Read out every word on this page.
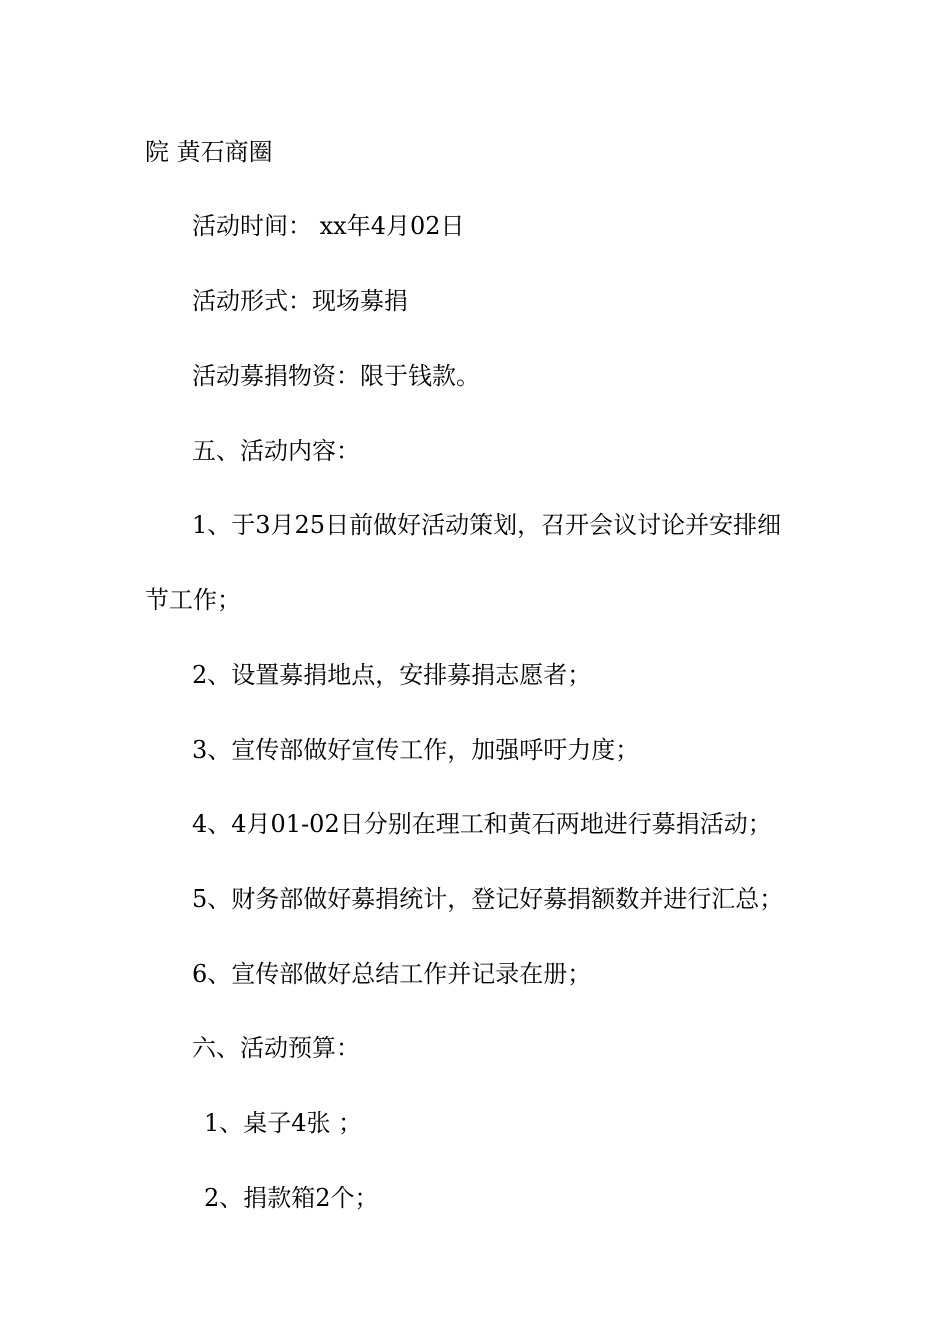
院 黄石商圈

活动时间： xx年4月02日

活动形式：现场募捐

活动募捐物资：限于钱款。

五、活动内容：

1、于3月25日前做好活动策划，召开会议讨论并安排细

节工作；

2、设置募捐地点，安排募捐志愿者；

3、宣传部做好宣传工作，加强呼吁力度；

4、4月01-02日分别在理工和黄石两地进行募捐活动；

5、财务部做好募捐统计，登记好募捐额数并进行汇总；

6、宣传部做好总结工作并记录在册；

六、活动预算：

1、桌子4张 ；

2、捐款箱2个；
